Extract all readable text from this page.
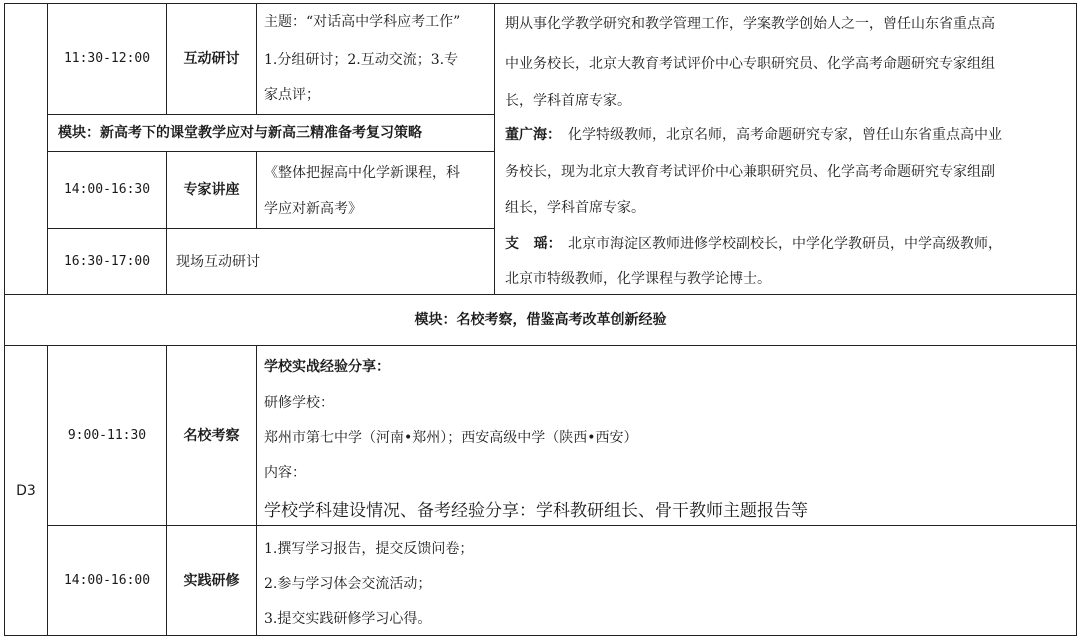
11:30-12:00	互动研讨
主题：“对话高中学科应考工作”
1.分组研讨；2.互动交流；3.专
家点评；
模块：新高考下的课堂教学应对与新高三精准备考复习策略
14:00-16:30	专家讲座
《整体把握高中化学新课程，科
学应对新高考》
16:30-17:00	现场互动研讨
期从事化学教学研究和教学管理工作，学案教学创始人之一，曾任山东省重点高
中业务校长，北京大教育考试评价中心专职研究员、化学高考命题研究专家组组
长，学科首席专家。
董广海： 化学特级教师，北京名师，高考命题研究专家，曾任山东省重点高中业
务校长，现为北京大教育考试评价中心兼职研究员、化学高考命题研究专家组副
组长，学科首席专家。
支   瑶： 北京市海淀区教师进修学校副校长，中学化学教研员，中学高级教师，
北京市特级教师，化学课程与教学论博士。
模块：名校考察，借鉴高考改革创新经验
D3
9:00-11:30	名校考察
学校实战经验分享：
研修学校：
郑州市第七中学（河南•郑州）；西安高级中学（陕西•西安）
内容：
学校学科建设情况、备考经验分享：学科教研组长、骨干教师主题报告等
14:00-16:00	实践研修
1.撰写学习报告，提交反馈问卷；
2.参与学习体会交流活动；
3.提交实践研修学习心得。
